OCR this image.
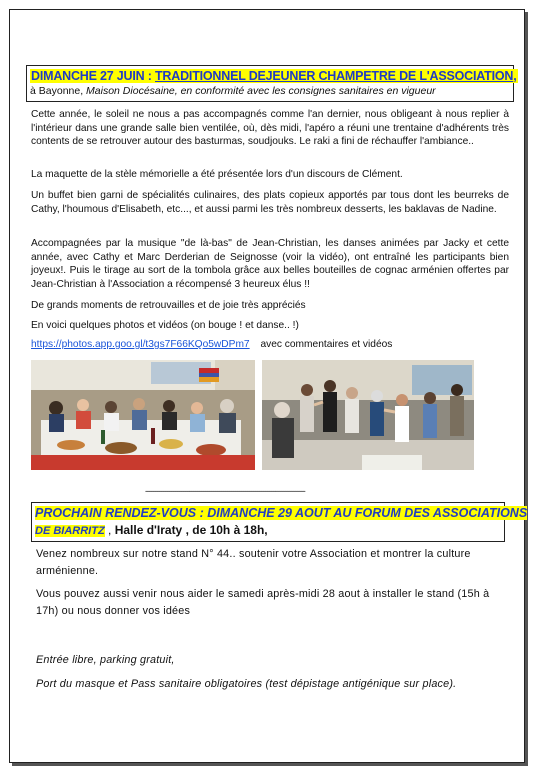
DIMANCHE 27 JUIN : TRADITIONNEL DEJEUNER CHAMPETRE DE L'ASSOCIATION,
à Bayonne, Maison Diocésaine, en conformité avec les consignes sanitaires en vigueur

Cette année, le soleil ne nous a pas accompagnés comme l'an dernier, nous obligeant à nous replier à l'intérieur dans une grande salle bien ventilée, où, dès midi, l'apéro a réuni une trentaine d'adhérents très contents de se retrouver autour des basturmas, soudjouks. Le raki a fini de réchauffer l'ambiance..

La maquette de la stèle mémorielle a été présentée lors d'un discours de Clément.

Un buffet bien garni de spécialités culinaires, des plats copieux apportés par tous dont les beurreks de Cathy, l'houmous d'Elisabeth, etc..., et aussi parmi les très nombreux desserts, les baklavas de Nadine.

Accompagnées par la musique "de là-bas" de Jean-Christian, les danses animées par Jacky et cette année, avec Cathy et Marc Derderian de Seignosse (voir la vidéo), ont entraîné les participants bien joyeux!. Puis le tirage au sort de la tombola grâce aux belles bouteilles de cognac arménien offertes par Jean-Christian à l'Association a récompensé 3 heureux élus !!

De grands moments de retrouvailles et de joie très appréciés

En voici quelques photos et vidéos (on bouge ! et danse.. !)

https://photos.app.goo.gl/t3gs7F66KQo5wDPm7 avec commentaires et vidéos
--------------------------------------------------------------------------------
PROCHAIN RENDEZ-VOUS : DIMANCHE 29 AOUT AU FORUM DES ASSOCIATIONS
DE BIARRITZ , Halle d'Iraty , de 10h à 18h,

Venez nombreux sur notre stand N° 44.. soutenir votre Association et montrer la culture arménienne.

Vous pouvez aussi venir nous aider le samedi après-midi 28 aout à installer le stand (15h à 17h) ou nous donner vos idées

Entrée libre, parking gratuit,

Port du masque et Pass sanitaire obligatoires (test dépistage antigénique sur place).
